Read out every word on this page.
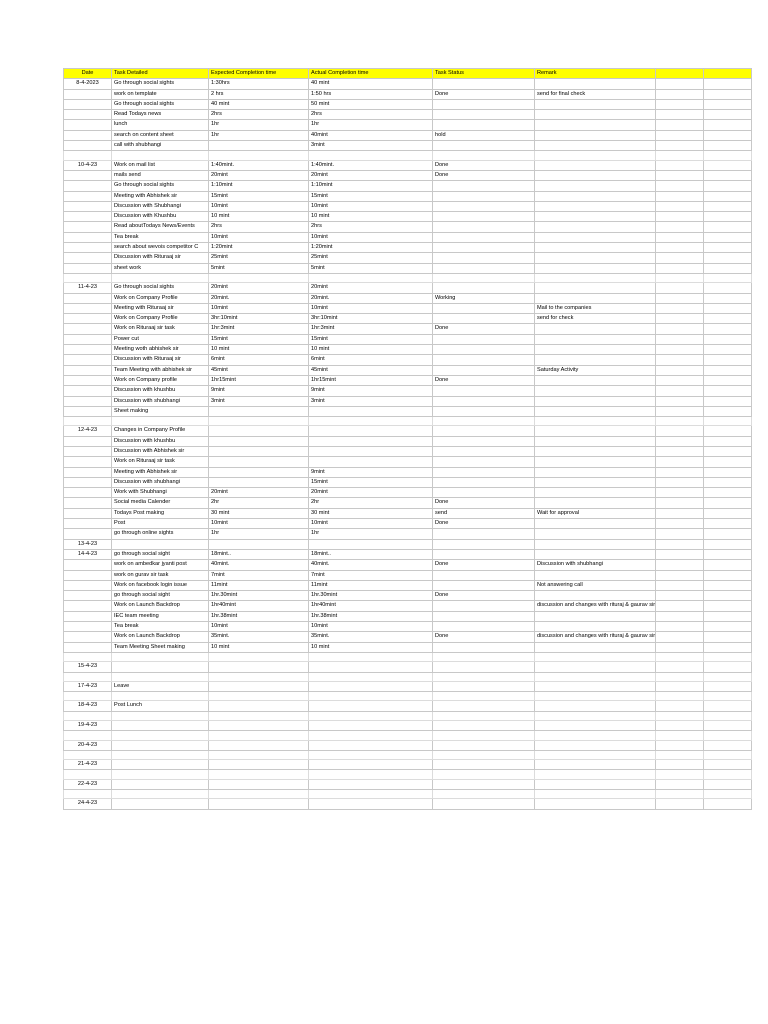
Date	Task Detailed	Expected Completion time	Actual Completion time	Task Status	Remark		
8-4-2023	Go through social sights	1:30hrs	40 mint				
	work on template	2 hrs	1:50 hrs	Done	send for final check		
	Go through social sights	40 mint	50 mint				
	Read Todays news	2hrs	2hrs				
	lunch	1hr	1hr				
	search on content sheet	1hr	40mint	hold			
	call with shubhangi		3mint				

10-4-23	Work on mail list	1:40mint.	1:40mint.	Done			
	mails send	20mint	20mint	Done			
	Go through social sights	1:10mint	1:10mint				
	Meeting with Abhishek sir	15mint	15mint				
	Discussion with Shubhangi	10mint	10mint				
	Discussion with Khushbu	10 mint	10 mint				
	Read aboutTodays News/Events	2hrs	2hrs				
	Tea break	10mint	10mint				
	search about wevois competitor C	1:20mint	1:20mint				
	Discussion with Rituraaj sir	25mint	25mint				
	sheet work	5mint	5mint				

11-4-23	Go through social sights	20mint	20mint				
	Work on Company Profile	20mint.	20mint.	Working			
	Meeting with Rituraaj sir	10mint	10mint		Mail to the companies		
	Work on Company Profile	3hr:10mint	3hr:10mint		send for check		
	Work on Rituraaj sir task	1hr:3mint	1hr:3mint	Done			
	Power cut	15mint	15mint				
	Meeting woth abhishek sir	10 mint	10 mint				
	Discussion with Rituraaj sir	6mint	6mint				
	Team Meeting with abhishek sir	45mint	45mint		Saturday Activity		
	Work on Company profile	1hr15mint	1hr15mint	Done			
	Discussion with khushbu	9mint	9mint				
	Discussion with shubhangi	3mint	3mint				
	Sheet making						

12-4-23	Changes in Company Profile						
	Discussion with khushbu						
	Discussion with Abhishek sir						
	Work on Rituraaj sir task						
	Meeting with Abhishek sir		9mint				
	Discussion with shubhangi		15mint				
	Work with Shubhangi	20mint	20mint				
	Social media Calender	2hr	2hr	Done			
	Todays Post making	30 mint	30 mint	send	Wait for approval		
	Post	10mint	10mint	Done			
	go through online sights	1hr	1hr				
13-4-23							
14-4-23	go through social sight	18mint..	18mint..				
	work on ambedkar jyanti post	40mint.	40mint.	Done	Discussion with shubhangi		
	work on gurav sir task	7mint	7mint				
	Work on facebook login issue	11mint	11mint		Not answering call		
	go through social sight	1hr.30mint	1hr.30mint	Done			
	Work on Launch Backdrop	1hr40mint	1hr40mint		discussion and changes with rituraj & gaurav sir		
	IEC team meeting	1hr.38mint	1hr.38mint				
	Tea break	10mint	10mint				
	Work on Launch Backdrop	35mint.	35mint.	Done	discussion and changes with rituraj & gaurav sir		
	Team Meeting Sheet making	10 mint	10 mint				

15-4-23							

17-4-23	Leave						

18-4-23	Post Lunch						

19-4-23							

20-4-23							

21-4-23							

22-4-23							

24-4-23							
